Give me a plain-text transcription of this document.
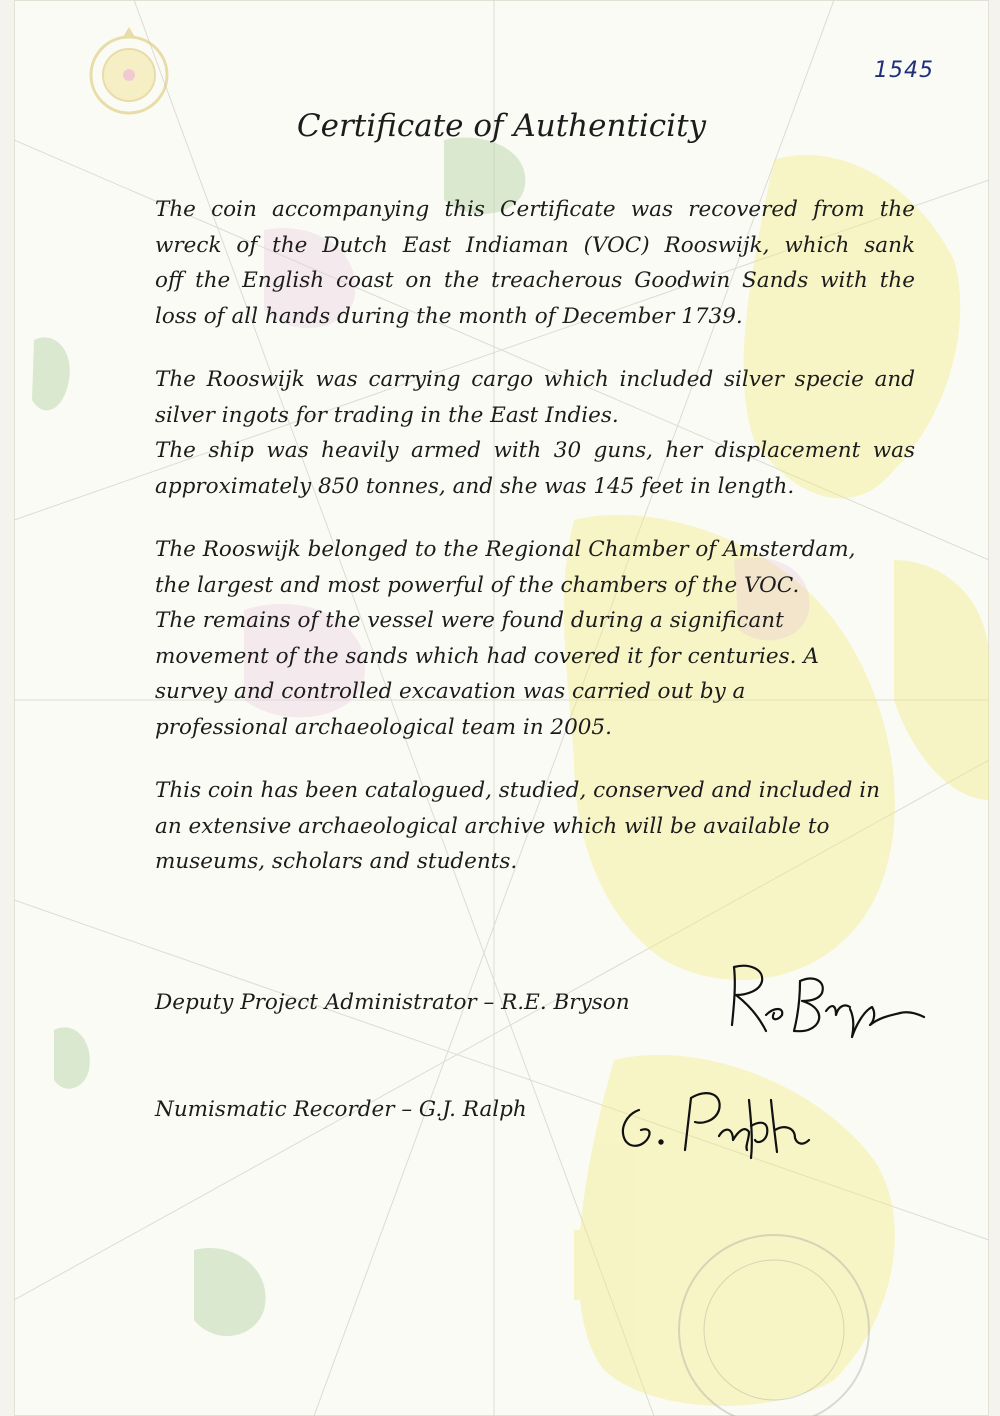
1545
Certificate of Authenticity
The coin accompanying this Certificate was recovered from the
wreck of the Dutch East Indiaman (VOC) Rooswijk, which sank
off the English coast on the treacherous Goodwin Sands with the
loss of all hands during the month of December 1739.
The Rooswijk was carrying cargo which included silver specie and
silver ingots for trading in the East Indies.
The ship was heavily armed with 30 guns, her displacement was
approximately 850 tonnes, and she was 145 feet in length.
The Rooswijk belonged to the Regional Chamber of Amsterdam,
the largest and most powerful of the chambers of the VOC.
The remains of the vessel were found during a significant
movement of the sands which had covered it for centuries. A
survey and controlled excavation was carried out by a
professional archaeological team in 2005.
This coin has been catalogued, studied, conserved and included in
an extensive archaeological archive which will be available to
museums, scholars and students.
Deputy Project Administrator – R.E. Bryson
Numismatic Recorder – G.J. Ralph
